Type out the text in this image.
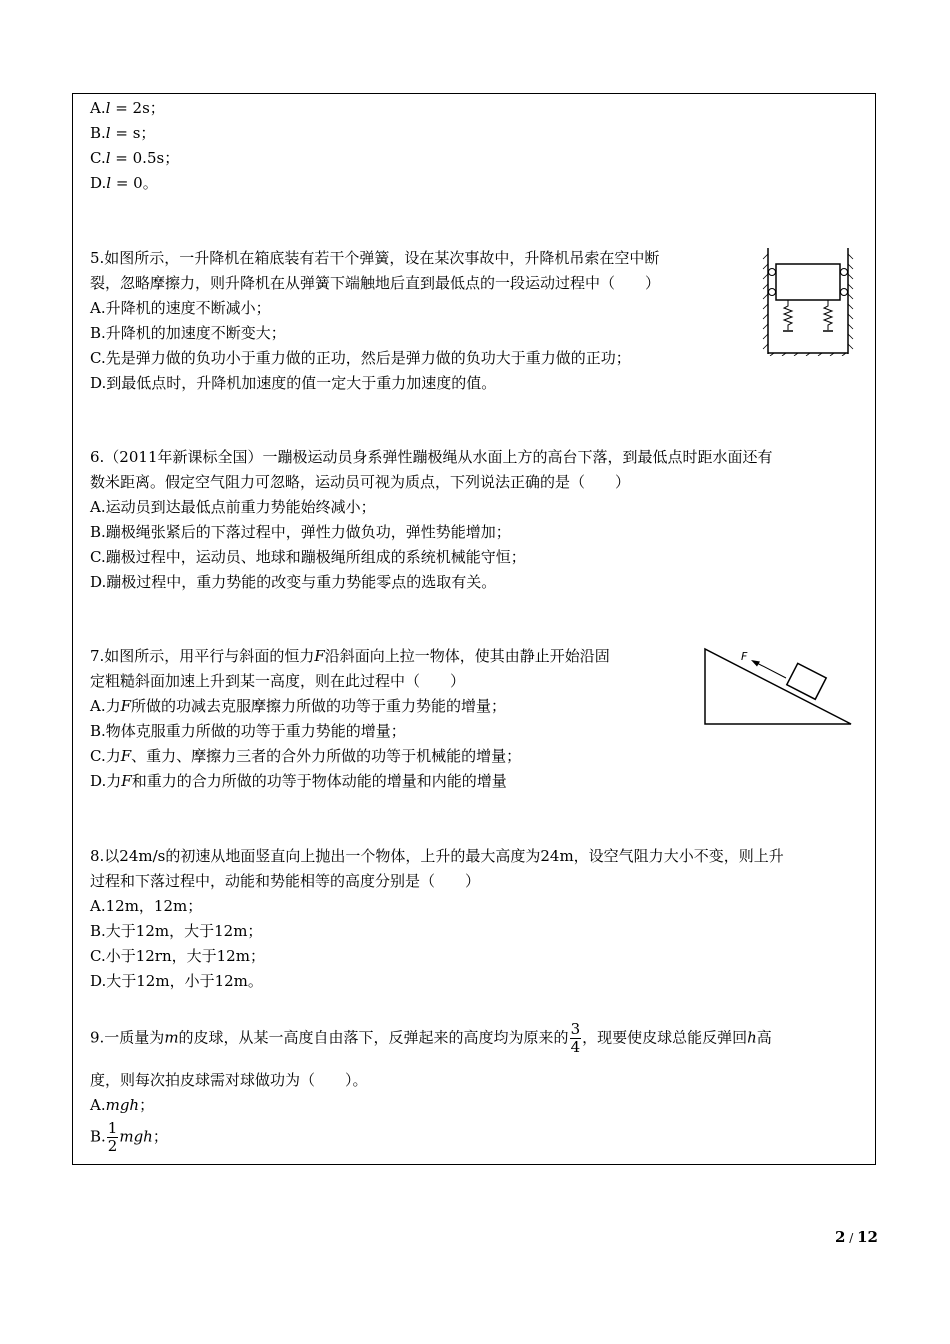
A.l = 2s；
B.l = s；
C.l = 0.5s；
D.l = 0。
5.如图所示，一升降机在箱底装有若干个弹簧，设在某次事故中，升降机吊索在空中断
裂，忽略摩擦力，则升降机在从弹簧下端触地后直到最低点的一段运动过程中（　　）
A.升降机的速度不断减小；
B.升降机的加速度不断变大；
C.先是弹力做的负功小于重力做的正功，然后是弹力做的负功大于重力做的正功；
D.到最低点时，升降机加速度的值一定大于重力加速度的值。
6.（2011年新课标全国）一蹦极运动员身系弹性蹦极绳从水面上方的高台下落，到最低点时距水面还有
数米距离。假定空气阻力可忽略，运动员可视为质点，下列说法正确的是（　　）
A.运动员到达最低点前重力势能始终减小；
B.蹦极绳张紧后的下落过程中，弹性力做负功，弹性势能增加；
C.蹦极过程中，运动员、地球和蹦极绳所组成的系统机械能守恒；
D.蹦极过程中，重力势能的改变与重力势能零点的选取有关。
7.如图所示，用平行与斜面的恒力F沿斜面向上拉一物体，使其由静止开始沿固
定粗糙斜面加速上升到某一高度，则在此过程中（　　）
A.力F所做的功减去克服摩擦力所做的功等于重力势能的增量；
B.物体克服重力所做的功等于重力势能的增量；
C.力F、重力、摩擦力三者的合外力所做的功等于机械能的增量；
D.力F和重力的合力所做的功等于物体动能的增量和内能的增量
F
8.以24m/s的初速从地面竖直向上抛出一个物体，上升的最大高度为24m，设空气阻力大小不变，则上升
过程和下落过程中，动能和势能相等的高度分别是（　　）
A.12m，12m；
B.大于12m，大于12m；
C.小于12rn，大于12m；
D.大于12m，小于12m。
9.一质量为m的皮球，从某一高度自由落下，反弹起来的高度均为原来的 $\frac{3}{4}$ ，现要使皮球总能反弹回h高
度，则每次拍皮球需对球做功为（　　）。
A.mgh；
B. $\frac{1}{2}$ mgh；
2 / 12
